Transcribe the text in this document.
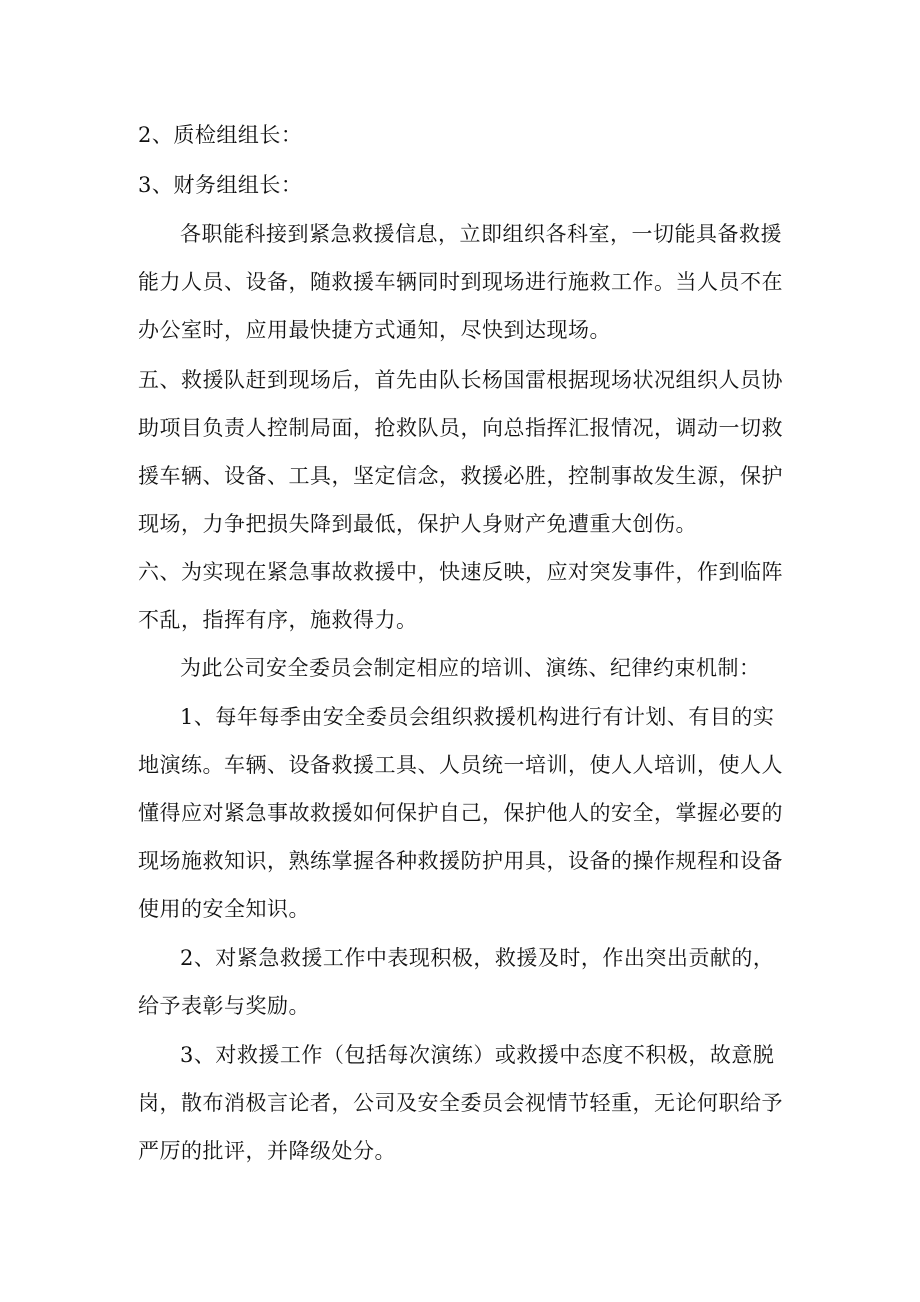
2、质检组组长：
3、财务组组长：
各职能科接到紧急救援信息，立即组织各科室，一切能具备救援
能力人员、设备，随救援车辆同时到现场进行施救工作。当人员不在
办公室时，应用最快捷方式通知，尽快到达现场。
五、救援队赶到现场后，首先由队长杨国雷根据现场状况组织人员协
助项目负责人控制局面，抢救队员，向总指挥汇报情况，调动一切救
援车辆、设备、工具，坚定信念，救援必胜，控制事故发生源，保护
现场，力争把损失降到最低，保护人身财产免遭重大创伤。
六、为实现在紧急事故救援中，快速反映，应对突发事件，作到临阵
不乱，指挥有序，施救得力。
为此公司安全委员会制定相应的培训、演练、纪律约束机制：
1、每年每季由安全委员会组织救援机构进行有计划、有目的实
地演练。车辆、设备救援工具、人员统一培训，使人人培训，使人人
懂得应对紧急事故救援如何保护自己，保护他人的安全，掌握必要的
现场施救知识，熟练掌握各种救援防护用具，设备的操作规程和设备
使用的安全知识。
2、对紧急救援工作中表现积极，救援及时，作出突出贡献的，
给予表彰与奖励。
3、对救援工作（包括每次演练）或救援中态度不积极，故意脱
岗，散布消极言论者，公司及安全委员会视情节轻重，无论何职给予
严厉的批评，并降级处分。
